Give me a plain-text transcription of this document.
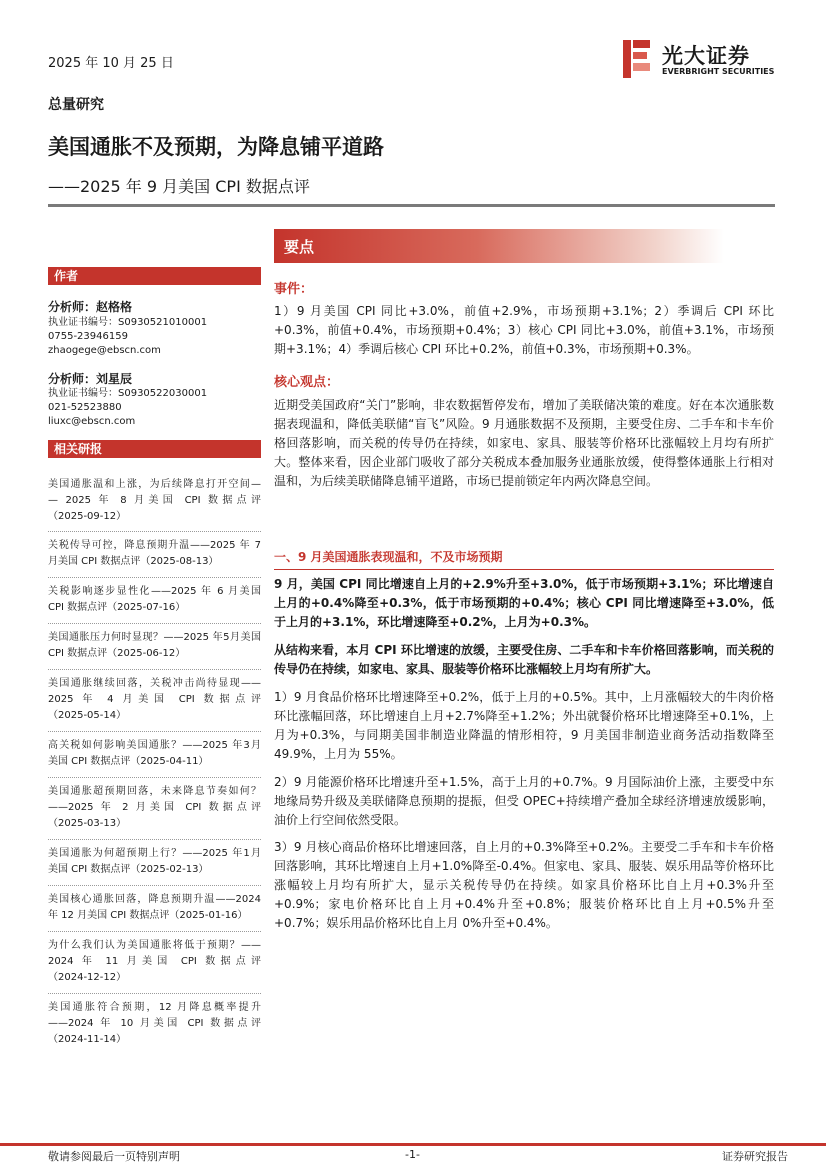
2025 年 10 月 25 日	光大证券
EVERBRIGHT SECURITIES
总量研究
美国通胀不及预期，为降息铺平道路
——2025 年 9 月美国 CPI 数据点评
作者
分析师：赵格格
执业证书编号：S0930521010001
0755-23946159
zhaogege@ebscn.com
分析师：刘星辰
执业证书编号：S0930522030001
021-52523880
liuxc@ebscn.com
相关研报
美国通胀温和上涨，为后续降息打开空间—
— 2025 年 8 月美国 CPI 数据点评
（2025-09-12）
关税传导可控，降息预期升温——2025 年 7
月美国 CPI 数据点评（2025-08-13）
关税影响逐步显性化——2025 年 6 月美国
CPI 数据点评（2025-07-16）
美国通胀压力何时显现？——2025 年5月美国
CPI 数据点评（2025-06-12）
美国通胀继续回落，关税冲击尚待显现——
2025 年 4 月美国 CPI 数据点评
（2025-05-14）
高关税如何影响美国通胀？——2025 年3月
美国 CPI 数据点评（2025-04-11）
美国通胀超预期回落，未来降息节奏如何？
——2025 年 2 月美国 CPI 数据点评
（2025-03-13）
美国通胀为何超预期上行？——2025 年1月
美国 CPI 数据点评（2025-02-13）
美国核心通胀回落，降息预期升温——2024
年 12 月美国 CPI 数据点评（2025-01-16）
为什么我们认为美国通胀将低于预期？——
2024 年 11 月美国 CPI 数据点评
（2024-12-12）
美国通胀符合预期，12 月降息概率提升
——2024 年 10 月美国 CPI 数据点评
（2024-11-14）
要点
事件：
1）9 月美国 CPI 同比+3.0%，前值+2.9%，市场预期+3.1%；2）季调后 CPI 环比+0.3%，前值+0.4%，市场预期+0.4%；3）核心 CPI 同比+3.0%，前值+3.1%，市场预期+3.1%；4）季调后核心 CPI 环比+0.2%，前值+0.3%，市场预期+0.3%。
核心观点：
近期受美国政府“关门”影响，非农数据暂停发布，增加了美联储决策的难度。好在本次通胀数据表现温和，降低美联储“盲飞”风险。9 月通胀数据不及预期，主要受住房、二手车和卡车价格回落影响，而关税的传导仍在持续，如家电、家具、服装等价格环比涨幅较上月均有所扩大。整体来看，因企业部门吸收了部分关税成本叠加服务业通胀放缓，使得整体通胀上行相对温和，为后续美联储降息铺平道路，市场已提前锁定年内两次降息空间。
一、9 月美国通胀表现温和，不及市场预期
9 月，美国 CPI 同比增速自上月的+2.9%升至+3.0%，低于市场预期+3.1%；环比增速自上月的+0.4%降至+0.3%，低于市场预期的+0.4%；核心 CPI 同比增速降至+3.0%，低于上月的+3.1%，环比增速降至+0.2%，上月为+0.3%。
从结构来看，本月 CPI 环比增速的放缓，主要受住房、二手车和卡车价格回落影响，而关税的传导仍在持续，如家电、家具、服装等价格环比涨幅较上月均有所扩大。
1）9 月食品价格环比增速降至+0.2%，低于上月的+0.5%。其中，上月涨幅较大的牛肉价格环比涨幅回落，环比增速自上月+2.7%降至+1.2%；外出就餐价格环比增速降至+0.1%，上月为+0.3%，与同期美国非制造业降温的情形相符，9 月美国非制造业商务活动指数降至 49.9%，上月为 55%。
2）9 月能源价格环比增速升至+1.5%，高于上月的+0.7%。9 月国际油价上涨，主要受中东地缘局势升级及美联储降息预期的提振，但受 OPEC+持续增产叠加全球经济增速放缓影响，油价上行空间依然受限。
3）9 月核心商品价格环比增速回落，自上月的+0.3%降至+0.2%。主要受二手车和卡车价格回落影响，其环比增速自上月+1.0%降至-0.4%。但家电、家具、服装、娱乐用品等价格环比涨幅较上月均有所扩大，显示关税传导仍在持续。如家具价格环比自上月+0.3%升至+0.9%；家电价格环比自上月+0.4%升至+0.8%；服装价格环比自上月+0.5%升至+0.7%；娱乐用品价格环比自上月 0%升至+0.4%。
敬请参阅最后一页特别声明	-1-	证券研究报告
